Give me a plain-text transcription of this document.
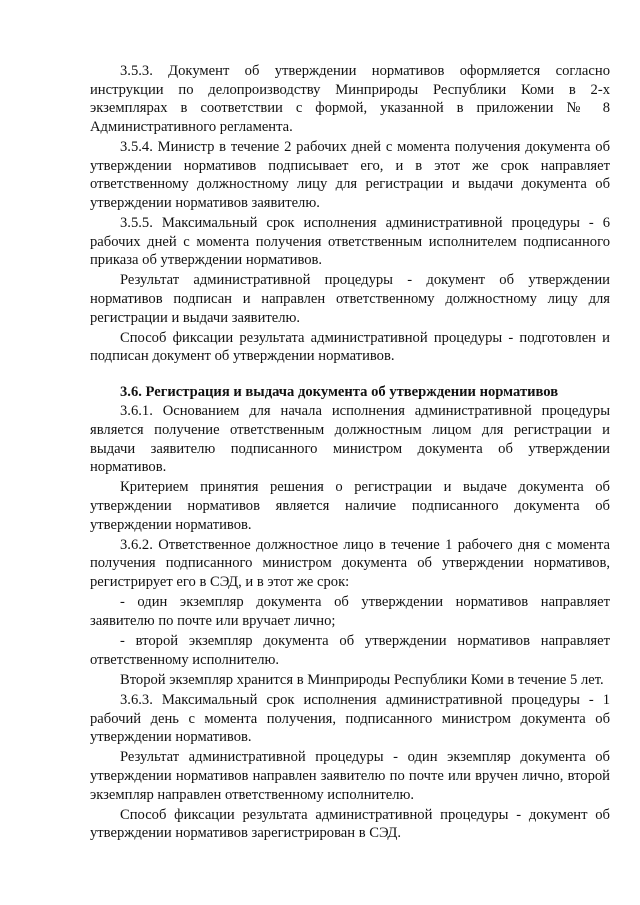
3.5.3. Документ об утверждении нормативов оформляется согласно инструкции по делопроизводству Минприроды Республики Коми в 2-х экземплярах в соответствии с формой, указанной в приложении № 8 Административного регламента.

3.5.4. Министр в течение 2 рабочих дней с момента получения документа об утверждении нормативов подписывает его, и в этот же срок направляет ответственному должностному лицу для регистрации и выдачи документа об утверждении нормативов заявителю.

3.5.5. Максимальный срок исполнения административной процедуры - 6 рабочих дней с момента получения ответственным исполнителем подписанного приказа об утверждении нормативов.

Результат административной процедуры - документ об утверждении нормативов подписан и направлен ответственному должностному лицу для регистрации и выдачи заявителю.

Способ фиксации результата административной процедуры - подготовлен и подписан документ об утверждении нормативов.

3.6. Регистрация и выдача документа об утверждении нормативов

3.6.1. Основанием для начала исполнения административной процедуры является получение ответственным должностным лицом для регистрации и выдачи заявителю подписанного министром документа об утверждении нормативов.

Критерием принятия решения о регистрации и выдаче документа об утверждении нормативов является наличие подписанного документа об утверждении нормативов.

3.6.2. Ответственное должностное лицо в течение 1 рабочего дня с момента получения подписанного министром документа об утверждении нормативов, регистрирует его в СЭД, и в этот же срок:

- один экземпляр документа об утверждении нормативов направляет заявителю по почте или вручает лично;

- второй экземпляр документа об утверждении нормативов направляет ответственному исполнителю.

Второй экземпляр хранится в Минприроды Республики Коми в течение 5 лет.

3.6.3. Максимальный срок исполнения административной процедуры - 1 рабочий день с момента получения, подписанного министром документа об утверждении нормативов.

Результат административной процедуры - один экземпляр документа об утверждении нормативов направлен заявителю по почте или вручен лично, второй экземпляр направлен ответственному исполнителю.

Способ фиксации результата административной процедуры - документ об утверждении нормативов зарегистрирован в СЭД.
